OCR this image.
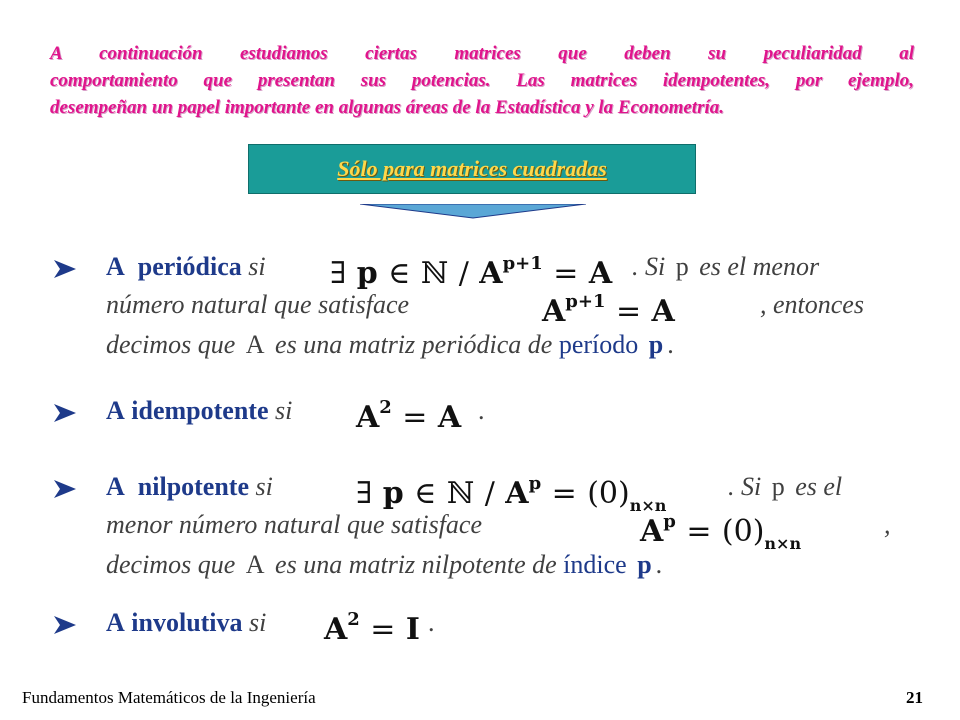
A continuación estudiamos ciertas matrices que deben su peculiaridad al
comportamiento que presentan sus potencias. Las matrices idempotentes, por ejemplo,
desempeñan un papel importante en algunas áreas de la Estadística y la Econometría.
Sólo para matrices cuadradas
A periódica si ∃ p ∈ ℕ / $A^{p+1} = A$ . Si p es el menor
número natural que satisface	$A^{p+1} = A$	, entonces
decimos que A es una matriz periódica de período p .
A idempotente si $A^2 = A$ .
A nilpotente si	∃ p ∈ ℕ / $A^p = (0)_{n\times n}$
. Si p es el
menor número natural que satisface	$A^p = (0)_{n\times n}$
,
decimos que A es una matriz nilpotente de índice p .
A involutiva si $A^2 = I$ .
Fundamentos Matemáticos de la Ingeniería	21
